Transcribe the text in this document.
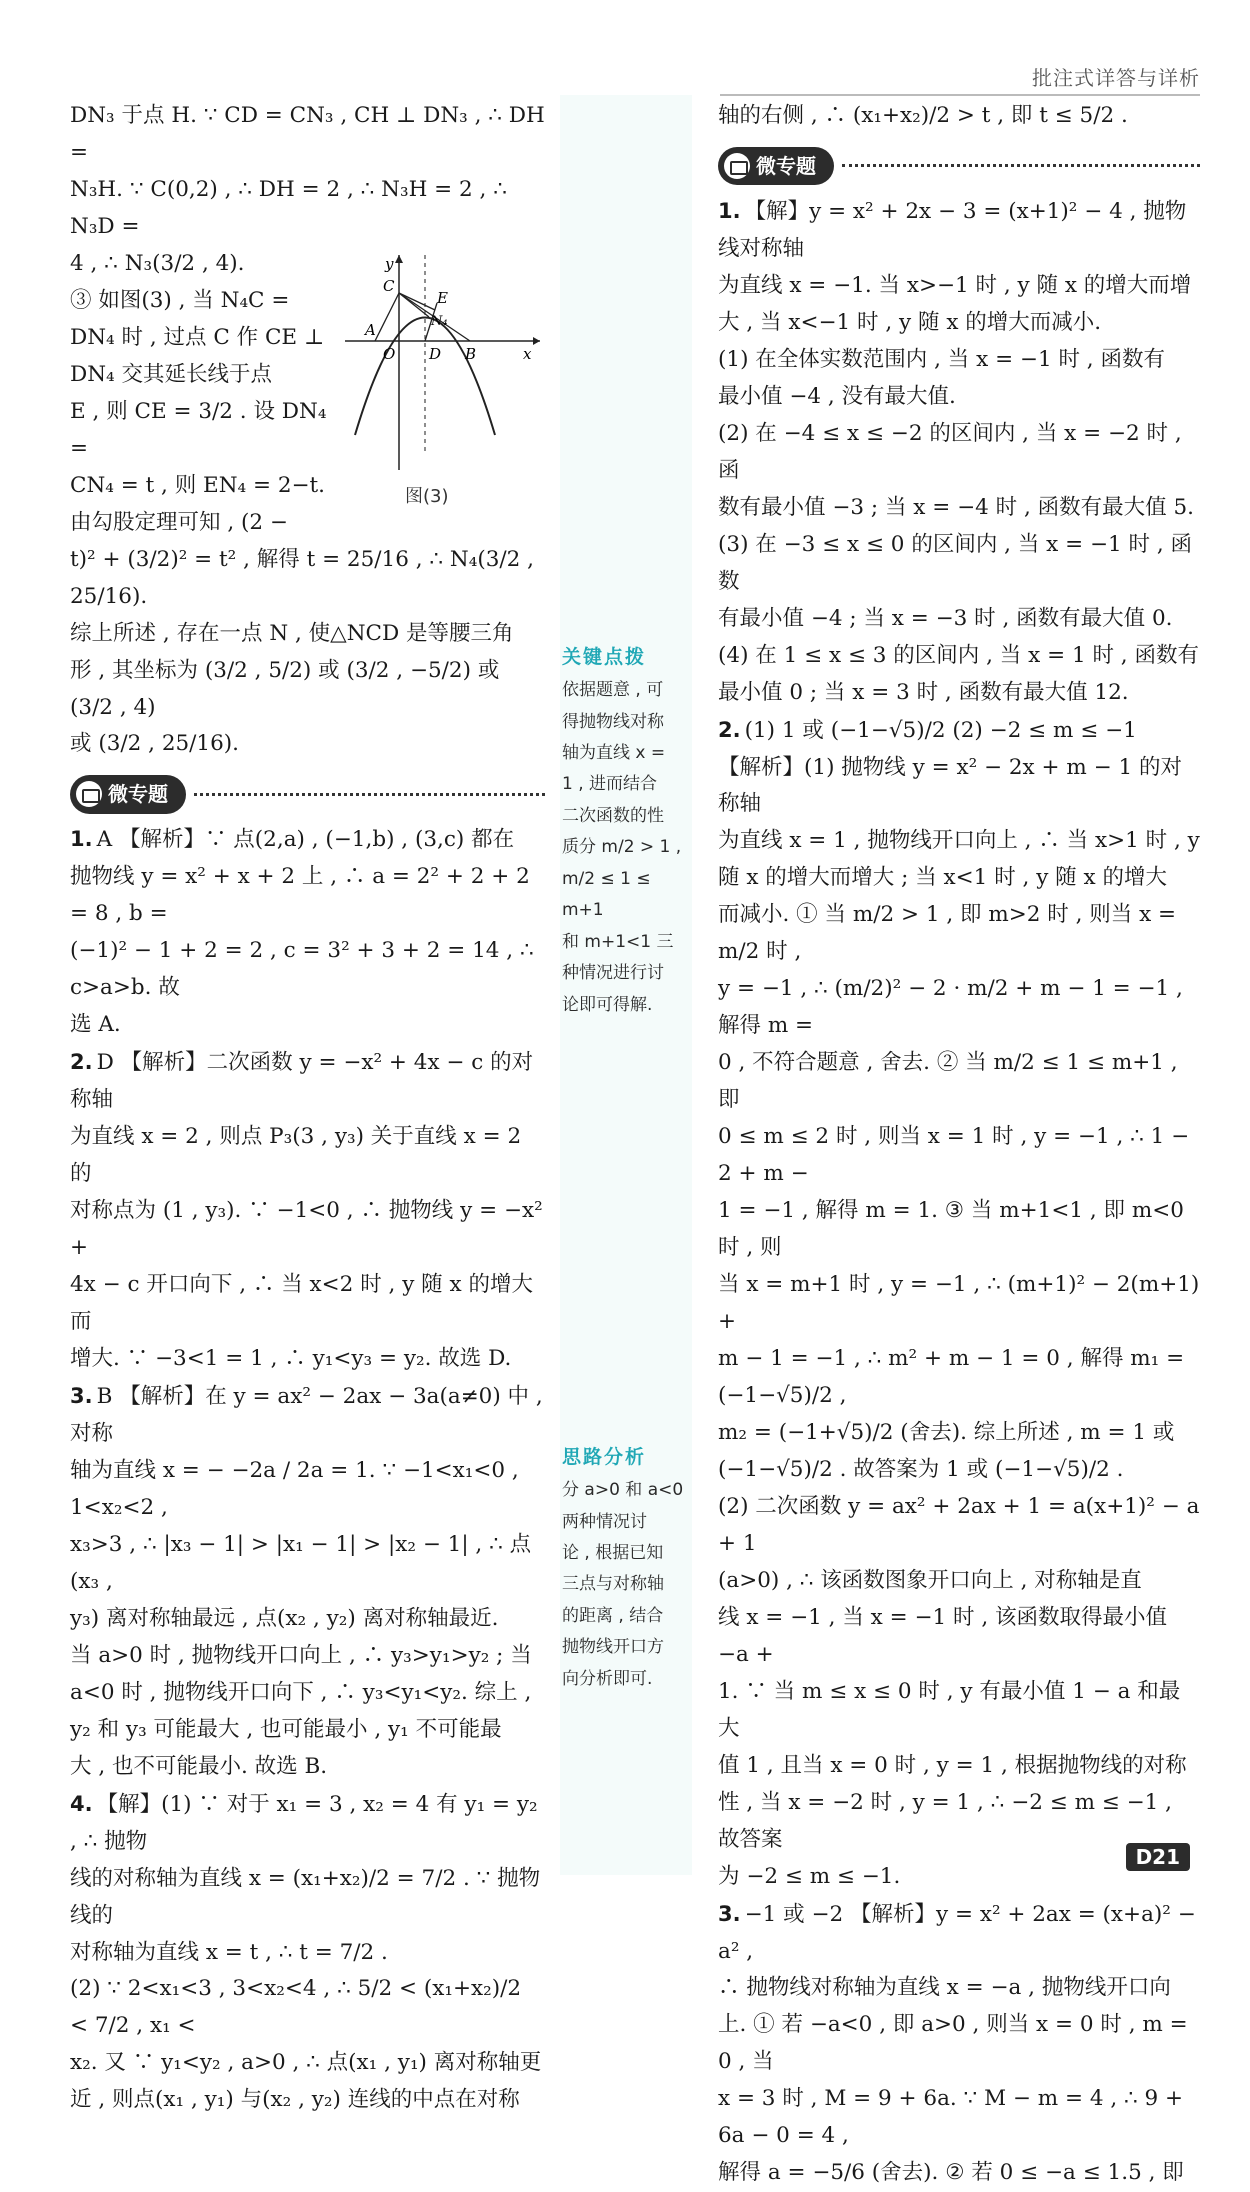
批注式详答与详析
DN₃ 于点 H. ∵ CD = CN₃ , CH ⊥ DN₃ , ∴ DH =
N₃H. ∵ C(0,2) , ∴ DH = 2 , ∴ N₃H = 2 , ∴ N₃D =
4 , ∴ N₃(3/2 , 4).
③ 如图(3) , 当 N₄C =
DN₄ 时 , 过点 C 作 CE ⊥
DN₄ 交其延长线于点
E , 则 CE = 3/2 . 设 DN₄ =
CN₄ = t , 则 EN₄ = 2−t.
由勾股定理可知 , (2 −
t)² + (3/2)² = t² , 解得 t = 25/16 , ∴ N₄(3/2 , 25/16).
综上所述 , 存在一点 N , 使△NCD 是等腰三角
形 , 其坐标为 (3/2 , 5/2) 或 (3/2 , −5/2) 或 (3/2 , 4)
或 (3/2 , 25/16).
微专题
1. A 【解析】∵ 点(2,a) , (−1,b) , (3,c) 都在
抛物线 y = x² + x + 2 上 , ∴ a = 2² + 2 + 2 = 8 , b =
(−1)² − 1 + 2 = 2 , c = 3² + 3 + 2 = 14 , ∴ c>a>b. 故
选 A.
2. D 【解析】二次函数 y = −x² + 4x − c 的对称轴
为直线 x = 2 , 则点 P₃(3 , y₃) 关于直线 x = 2 的
对称点为 (1 , y₃). ∵ −1<0 , ∴ 抛物线 y = −x² +
4x − c 开口向下 , ∴ 当 x<2 时 , y 随 x 的增大而
增大. ∵ −3<1 = 1 , ∴ y₁<y₃ = y₂. 故选 D.
3. B 【解析】在 y = ax² − 2ax − 3a(a≠0) 中 , 对称
轴为直线 x = − −2a / 2a = 1. ∵ −1<x₁<0 , 1<x₂<2 ,
x₃>3 , ∴ |x₃ − 1| > |x₁ − 1| > |x₂ − 1| , ∴ 点(x₃ ,
y₃) 离对称轴最远 , 点(x₂ , y₂) 离对称轴最近.
当 a>0 时 , 抛物线开口向上 , ∴ y₃>y₁>y₂ ; 当
a<0 时 , 抛物线开口向下 , ∴ y₃<y₁<y₂. 综上 ,
y₂ 和 y₃ 可能最大 , 也可能最小 , y₁ 不可能最
大 , 也不可能最小. 故选 B.
4. 【解】(1) ∵ 对于 x₁ = 3 , x₂ = 4 有 y₁ = y₂ , ∴ 抛物
线的对称轴为直线 x = (x₁+x₂)/2 = 7/2 . ∵ 抛物线的
对称轴为直线 x = t , ∴ t = 7/2 .
(2) ∵ 2<x₁<3 , 3<x₂<4 , ∴ 5/2 < (x₁+x₂)/2 < 7/2 , x₁ <
x₂. 又 ∵ y₁<y₂ , a>0 , ∴ 点(x₁ , y₁) 离对称轴更
近 , 则点(x₁ , y₁) 与(x₂ , y₂) 连线的中点在对称
y
C
E
N₄
A
O D B	x
图(3)
关键点拨
依据题意 , 可
得抛物线对称
轴为直线 x =
1 , 进而结合
二次函数的性
质分 m/2 > 1 ,
m/2 ≤ 1 ≤ m+1
和 m+1<1 三
种情况进行讨
论即可得解.
思路分析
分 a>0 和 a<0
两种情况讨
论 , 根据已知
三点与对称轴
的距离 , 结合
抛物线开口方
向分析即可.
轴的右侧 , ∴ (x₁+x₂)/2 > t , 即 t ≤ 5/2 .
微专题
1. 【解】y = x² + 2x − 3 = (x+1)² − 4 , 抛物线对称轴
为直线 x = −1. 当 x>−1 时 , y 随 x 的增大而增
大 , 当 x<−1 时 , y 随 x 的增大而减小.
(1) 在全体实数范围内 , 当 x = −1 时 , 函数有
最小值 −4 , 没有最大值.
(2) 在 −4 ≤ x ≤ −2 的区间内 , 当 x = −2 时 , 函
数有最小值 −3 ; 当 x = −4 时 , 函数有最大值 5.
(3) 在 −3 ≤ x ≤ 0 的区间内 , 当 x = −1 时 , 函数
有最小值 −4 ; 当 x = −3 时 , 函数有最大值 0.
(4) 在 1 ≤ x ≤ 3 的区间内 , 当 x = 1 时 , 函数有
最小值 0 ; 当 x = 3 时 , 函数有最大值 12.
2. (1) 1 或 (−1−√5)/2 (2) −2 ≤ m ≤ −1
【解析】(1) 抛物线 y = x² − 2x + m − 1 的对称轴
为直线 x = 1 , 抛物线开口向上 , ∴ 当 x>1 时 , y
随 x 的增大而增大 ; 当 x<1 时 , y 随 x 的增大
而减小. ① 当 m/2 > 1 , 即 m>2 时 , 则当 x = m/2 时 ,
y = −1 , ∴ (m/2)² − 2 · m/2 + m − 1 = −1 , 解得 m =
0 , 不符合题意 , 舍去. ② 当 m/2 ≤ 1 ≤ m+1 , 即
0 ≤ m ≤ 2 时 , 则当 x = 1 时 , y = −1 , ∴ 1 − 2 + m −
1 = −1 , 解得 m = 1. ③ 当 m+1<1 , 即 m<0 时 , 则
当 x = m+1 时 , y = −1 , ∴ (m+1)² − 2(m+1) +
m − 1 = −1 , ∴ m² + m − 1 = 0 , 解得 m₁ = (−1−√5)/2 ,
m₂ = (−1+√5)/2 (舍去). 综上所述 , m = 1 或
(−1−√5)/2 . 故答案为 1 或 (−1−√5)/2 .
(2) 二次函数 y = ax² + 2ax + 1 = a(x+1)² − a + 1
(a>0) , ∴ 该函数图象开口向上 , 对称轴是直
线 x = −1 , 当 x = −1 时 , 该函数取得最小值 −a +
1. ∵ 当 m ≤ x ≤ 0 时 , y 有最小值 1 − a 和最大
值 1 , 且当 x = 0 时 , y = 1 , 根据抛物线的对称
性 , 当 x = −2 时 , y = 1 , ∴ −2 ≤ m ≤ −1 , 故答案
为 −2 ≤ m ≤ −1.
3. −1 或 −2 【解析】y = x² + 2ax = (x+a)² − a² ,
∴ 抛物线对称轴为直线 x = −a , 抛物线开口向
上. ① 若 −a<0 , 即 a>0 , 则当 x = 0 时 , m = 0 , 当
x = 3 时 , M = 9 + 6a. ∵ M − m = 4 , ∴ 9 + 6a − 0 = 4 ,
解得 a = −5/6 (舍去). ② 若 0 ≤ −a ≤ 1.5 , 即
D21
